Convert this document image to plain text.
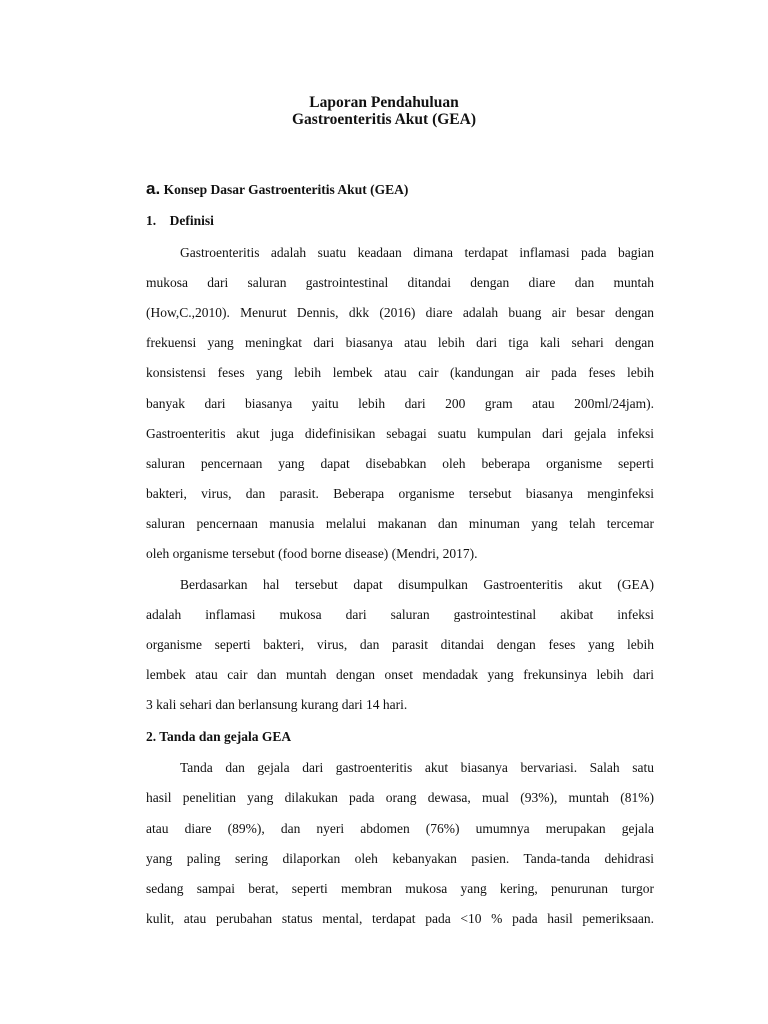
Laporan Pendahuluan
Gastroenteritis Akut (GEA)
a. Konsep Dasar Gastroenteritis Akut (GEA)
1.    Definisi
Gastroenteritis adalah suatu keadaan dimana terdapat inflamasi pada bagian
mukosa dari saluran gastrointestinal ditandai dengan diare dan muntah
(How,C.,2010). Menurut Dennis, dkk (2016) diare adalah buang air besar dengan
frekuensi yang meningkat dari biasanya atau lebih dari tiga kali sehari dengan
konsistensi feses yang lebih lembek atau cair (kandungan air pada feses lebih
banyak dari biasanya yaitu lebih dari 200 gram atau 200ml/24jam).
Gastroenteritis akut juga didefinisikan sebagai suatu kumpulan dari gejala infeksi
saluran pencernaan yang dapat disebabkan oleh beberapa organisme seperti
bakteri, virus, dan parasit. Beberapa organisme tersebut biasanya menginfeksi
saluran pencernaan manusia melalui makanan dan minuman yang telah tercemar
oleh organisme tersebut (food borne disease) (Mendri, 2017).
Berdasarkan hal tersebut dapat disumpulkan Gastroenteritis akut (GEA)
adalah inflamasi mukosa dari saluran gastrointestinal akibat infeksi
organisme seperti bakteri, virus, dan parasit ditandai dengan feses yang lebih
lembek atau cair dan muntah dengan onset mendadak yang frekunsinya lebih dari
3 kali sehari dan berlansung kurang dari 14 hari.
2. Tanda dan gejala GEA
Tanda dan gejala dari gastroenteritis akut biasanya bervariasi. Salah satu
hasil penelitian yang dilakukan pada orang dewasa, mual (93%), muntah (81%)
atau diare (89%), dan nyeri abdomen (76%) umumnya merupakan gejala
yang paling sering dilaporkan oleh kebanyakan pasien. Tanda-tanda dehidrasi
sedang sampai berat, seperti membran mukosa yang kering, penurunan turgor
kulit, atau perubahan status mental, terdapat pada <10 % pada hasil pemeriksaan.
